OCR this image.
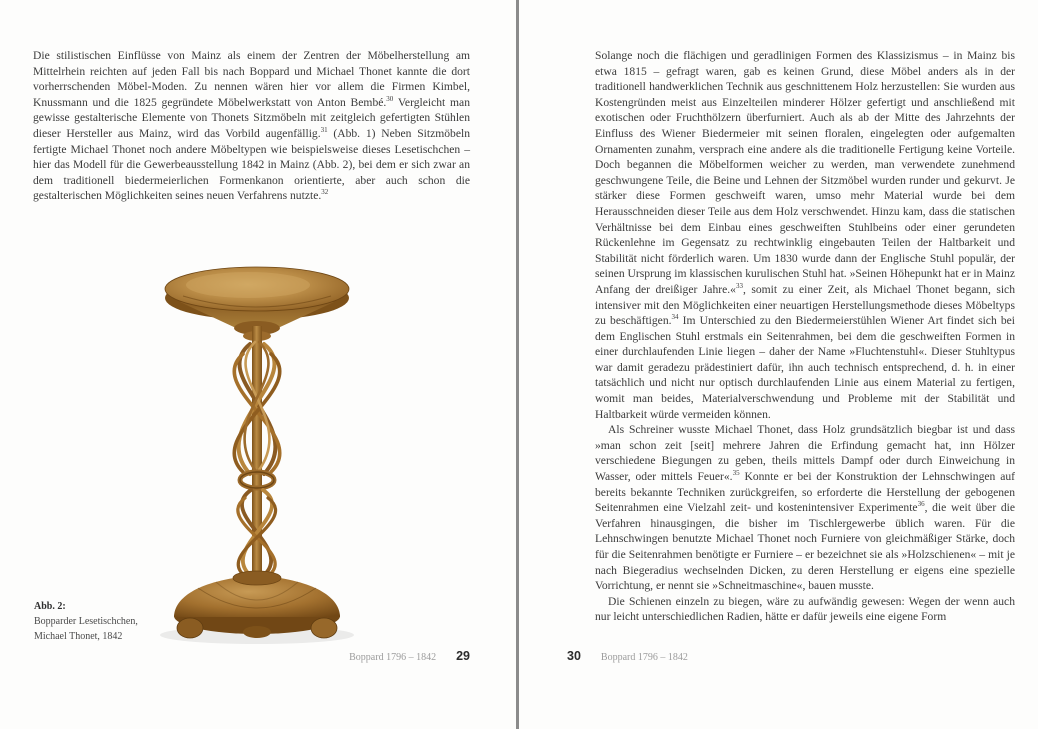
Die stilistischen Einflüsse von Mainz als einem der Zentren der Möbelherstellung am Mittelrhein reichten auf jeden Fall bis nach Boppard und Michael Thonet kannte die dort vorherrschenden Möbel-Moden. Zu nennen wären hier vor allem die Firmen Kimbel, Knussmann und die 1825 gegründete Möbelwerkstatt von Anton Bembé.$^{30}$ Vergleicht man gewisse gestalterische Elemente von Thonets Sitzmöbeln mit zeitgleich gefertigten Stühlen dieser Hersteller aus Mainz, wird das Vorbild augenfällig.$^{31}$ (Abb. 1) Neben Sitzmöbeln fertigte Michael Thonet noch andere Möbeltypen wie beispielsweise dieses Lesetischchen – hier das Modell für die Gewerbeausstellung 1842 in Mainz (Abb. 2), bei dem er sich zwar an dem traditionell biedermeierlichen Formenkanon orientierte, aber auch schon die gestalterischen Möglichkeiten seines neuen Verfahrens nutzte.$^{32}$

Abb. 2:
Bopparder Lesetischchen,
Michael Thonet, 1842
Boppard 1796 – 1842 29

Solange noch die flächigen und geradlinigen Formen des Klassizismus – in Mainz bis etwa 1815 – gefragt waren, gab es keinen Grund, diese Möbel anders als in der traditionell handwerklichen Technik aus geschnittenem Holz herzustellen: Sie wurden aus Kostengründen meist aus Einzelteilen minderer Hölzer gefertigt und anschließend mit exotischen oder Fruchthölzern überfurniert. Auch als ab der Mitte des Jahrzehnts der Einfluss des Wiener Biedermeier mit seinen floralen, eingelegten oder aufgemalten Ornamenten zunahm, versprach eine andere als die traditionelle Fertigung keine Vorteile. Doch begannen die Möbelformen weicher zu werden, man verwendete zunehmend geschwungene Teile, die Beine und Lehnen der Sitzmöbel wurden runder und gekurvt. Je stärker diese Formen geschweift waren, umso mehr Material wurde bei dem Herausschneiden dieser Teile aus dem Holz verschwendet. Hinzu kam, dass die statischen Verhältnisse bei dem Einbau eines geschweiften Stuhlbeins oder einer gerundeten Rückenlehne im Gegensatz zu rechtwinklig eingebauten Teilen der Haltbarkeit und Stabilität nicht förderlich waren. Um 1830 wurde dann der Englische Stuhl populär, der seinen Ursprung im klassischen kurulischen Stuhl hat. »Seinen Höhepunkt hat er in Mainz Anfang der dreißiger Jahre.«$^{33}$, somit zu einer Zeit, als Michael Thonet begann, sich intensiver mit den Möglichkeiten einer neuartigen Herstellungsmethode dieses Möbeltyps zu beschäftigen.$^{34}$ Im Unterschied zu den Biedermeierstühlen Wiener Art findet sich bei dem Englischen Stuhl erstmals ein Seitenrahmen, bei dem die geschweiften Formen in einer durchlaufenden Linie liegen – daher der Name »Fluchtenstuhl«. Dieser Stuhltypus war damit geradezu prädestiniert dafür, ihn auch technisch entsprechend, d. h. in einer tatsächlich und nicht nur optisch durchlaufenden Linie aus einem Material zu fertigen, womit man beides, Materialverschwendung und Probleme mit der Stabilität und Haltbarkeit würde vermeiden können.

Als Schreiner wusste Michael Thonet, dass Holz grundsätzlich biegbar ist und dass »man schon zeit [seit] mehrere Jahren die Erfindung gemacht hat, inn Hölzer verschiedene Biegungen zu geben, theils mittels Dampf oder durch Einweichung in Wasser, oder mittels Feuer«.$^{35}$ Konnte er bei der Konstruktion der Lehnschwingen auf bereits bekannte Techniken zurückgreifen, so erforderte die Herstellung der gebogenen Seitenrahmen eine Vielzahl zeit- und kostenintensiver Experimente$^{36}$, die weit über die Verfahren hinausgingen, die bisher im Tischlergewerbe üblich waren. Für die Lehnschwingen benutzte Michael Thonet noch Furniere von gleichmäßiger Stärke, doch für die Seitenrahmen benötigte er Furniere – er bezeichnet sie als »Holzschienen« – mit je nach Biegeradius wechselnden Dicken, zu deren Herstellung er eigens eine spezielle Vorrichtung, er nennt sie »Schneitmaschine«, bauen musste.

Die Schienen einzeln zu biegen, wäre zu aufwändig gewesen: Wegen der wenn auch nur leicht unterschiedlichen Radien, hätte er dafür jeweils eine eigene Form

30 Boppard 1796 – 1842
